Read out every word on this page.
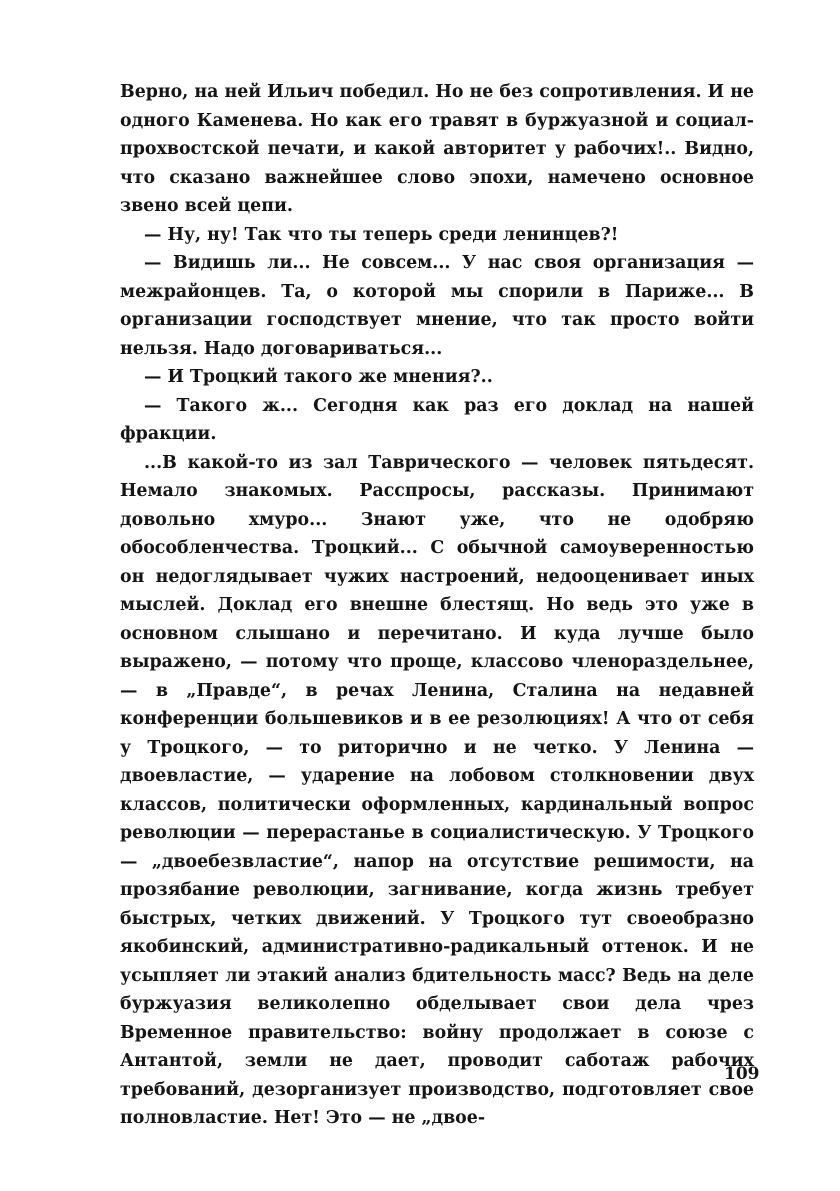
Верно, на ней Ильич победил. Но не без сопротивления. И не одного Каменева. Но как его травят в буржуазной и социал-прохвостской печати, и какой авторитет у рабочих!.. Видно, что сказано важнейшее слово эпохи, намечено основное звено всей цепи.

— Ну, ну! Так что ты теперь среди ленинцев?!

— Видишь ли... Не совсем... У нас своя организация — межрайонцев. Та, о которой мы спорили в Париже... В организации господствует мнение, что так просто войти нельзя. Надо договариваться...

— И Троцкий такого же мнения?..

— Такого ж... Сегодня как раз его доклад на нашей фракции.

...В какой-то из зал Таврического — человек пятьдесят. Немало знакомых. Расспросы, рассказы. Принимают довольно хмуро... Знают уже, что не одобряю обособленчества. Троцкий... С обычной самоуверенностью он недоглядывает чужих настроений, недооценивает иных мыслей. Доклад его внешне блестящ. Но ведь это уже в основном слышано и перечитано. И куда лучше было выражено, — потому что проще, классово членораздельнее, — в „Правде“, в речах Ленина, Сталина на недавней конференции большевиков и в ее резолюциях! А что от себя у Троцкого, — то риторично и не четко. У Ленина — двоевластие, — ударение на лобовом столкновении двух классов, политически оформленных, кардинальный вопрос революции — перерастанье в социалистическую. У Троцкого — „двоебезвластие“, напор на отсутствие решимости, на прозябание революции, загнивание, когда жизнь требует быстрых, четких движений. У Троцкого тут своеобразно якобинский, административно-радикальный оттенок. И не усыпляет ли этакий анализ бдительность масс? Ведь на деле буржуазия великолепно обделывает свои дела чрез Временное правительство: войну продолжает в союзе с Антантой, земли не дает, проводит саботаж рабочих требований, дезорганизует производство, подготовляет свое полновластие. Нет! Это — не „двое-

109
